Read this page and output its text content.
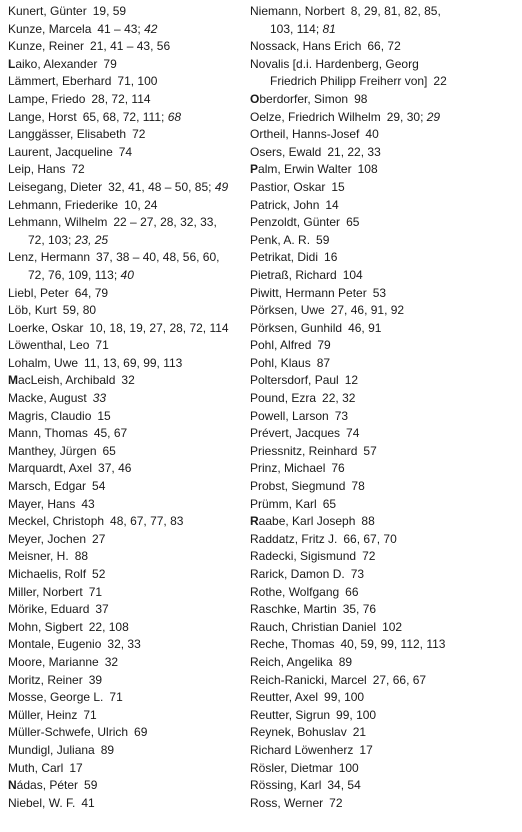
Kunert, Günter  19, 59
Kunze, Marcela  41 – 43; 42
Kunze, Reiner  21, 41 – 43, 56
Laiko, Alexander  79
Lämmert, Eberhard  71, 100
Lampe, Friedo  28, 72, 114
Lange, Horst  65, 68, 72, 111; 68
Langgässer, Elisabeth  72
Laurent, Jacqueline  74
Leip, Hans  72
Leisegang, Dieter  32, 41, 48 – 50, 85; 49
Lehmann, Friederike  10, 24
Lehmann, Wilhelm  22 – 27, 28, 32, 33,
72, 103; 23, 25
Lenz, Hermann  37, 38 – 40, 48, 56, 60,
72, 76, 109, 113; 40
Liebl, Peter  64, 79
Löb, Kurt  59, 80
Loerke, Oskar  10, 18, 19, 27, 28, 72, 114
Löwenthal, Leo  71
Lohalm, Uwe  11, 13, 69, 99, 113
MacLeish, Archibald  32
Macke, August  33
Magris, Claudio  15
Mann, Thomas  45, 67
Manthey, Jürgen  65
Marquardt, Axel  37, 46
Marsch, Edgar  54
Mayer, Hans  43
Meckel, Christoph  48, 67, 77, 83
Meyer, Jochen  27
Meisner, H.  88
Michaelis, Rolf  52
Miller, Norbert  71
Mörike, Eduard  37
Mohn, Sigbert  22, 108
Montale, Eugenio  32, 33
Moore, Marianne  32
Moritz, Reiner  39
Mosse, George L.  71
Müller, Heinz  71
Müller-Schwefe, Ulrich  69
Mundigl, Juliana  89
Muth, Carl  17
Nádas, Péter  59
Niebel, W. F.  41
Niemann, Norbert  8, 29, 81, 82, 85,
103, 114; 81
Nossack, Hans Erich  66, 72
Novalis [d.i. Hardenberg, Georg
Friedrich Philipp Freiherr von]  22
Oberdorfer, Simon  98
Oelze, Friedrich Wilhelm  29, 30; 29
Ortheil, Hanns-Josef  40
Osers, Ewald  21, 22, 33
Palm, Erwin Walter  108
Pastior, Oskar  15
Patrick, John  14
Penzoldt, Günter  65
Penk, A. R.  59
Petrikat, Didi  16
Pietraß, Richard  104
Piwitt, Hermann Peter  53
Pörksen, Uwe  27, 46, 91, 92
Pörksen, Gunhild  46, 91
Pohl, Alfred  79
Pohl, Klaus  87
Poltersdorf, Paul  12
Pound, Ezra  22, 32
Powell, Larson  73
Prévert, Jacques  74
Priessnitz, Reinhard  57
Prinz, Michael  76
Probst, Siegmund  78
Prümm, Karl  65
Raabe, Karl Joseph  88
Raddatz, Fritz J.  66, 67, 70
Radecki, Sigismund  72
Rarick, Damon D.  73
Rothe, Wolfgang  66
Raschke, Martin  35, 76
Rauch, Christian Daniel  102
Reche, Thomas  40, 59, 99, 112, 113
Reich, Angelika  89
Reich-Ranicki, Marcel  27, 66, 67
Reutter, Axel  99, 100
Reutter, Sigrun  99, 100
Reynek, Bohuslav  21
Richard Löwenherz  17
Rösler, Dietmar  100
Rössing, Karl  34, 54
Ross, Werner  72
